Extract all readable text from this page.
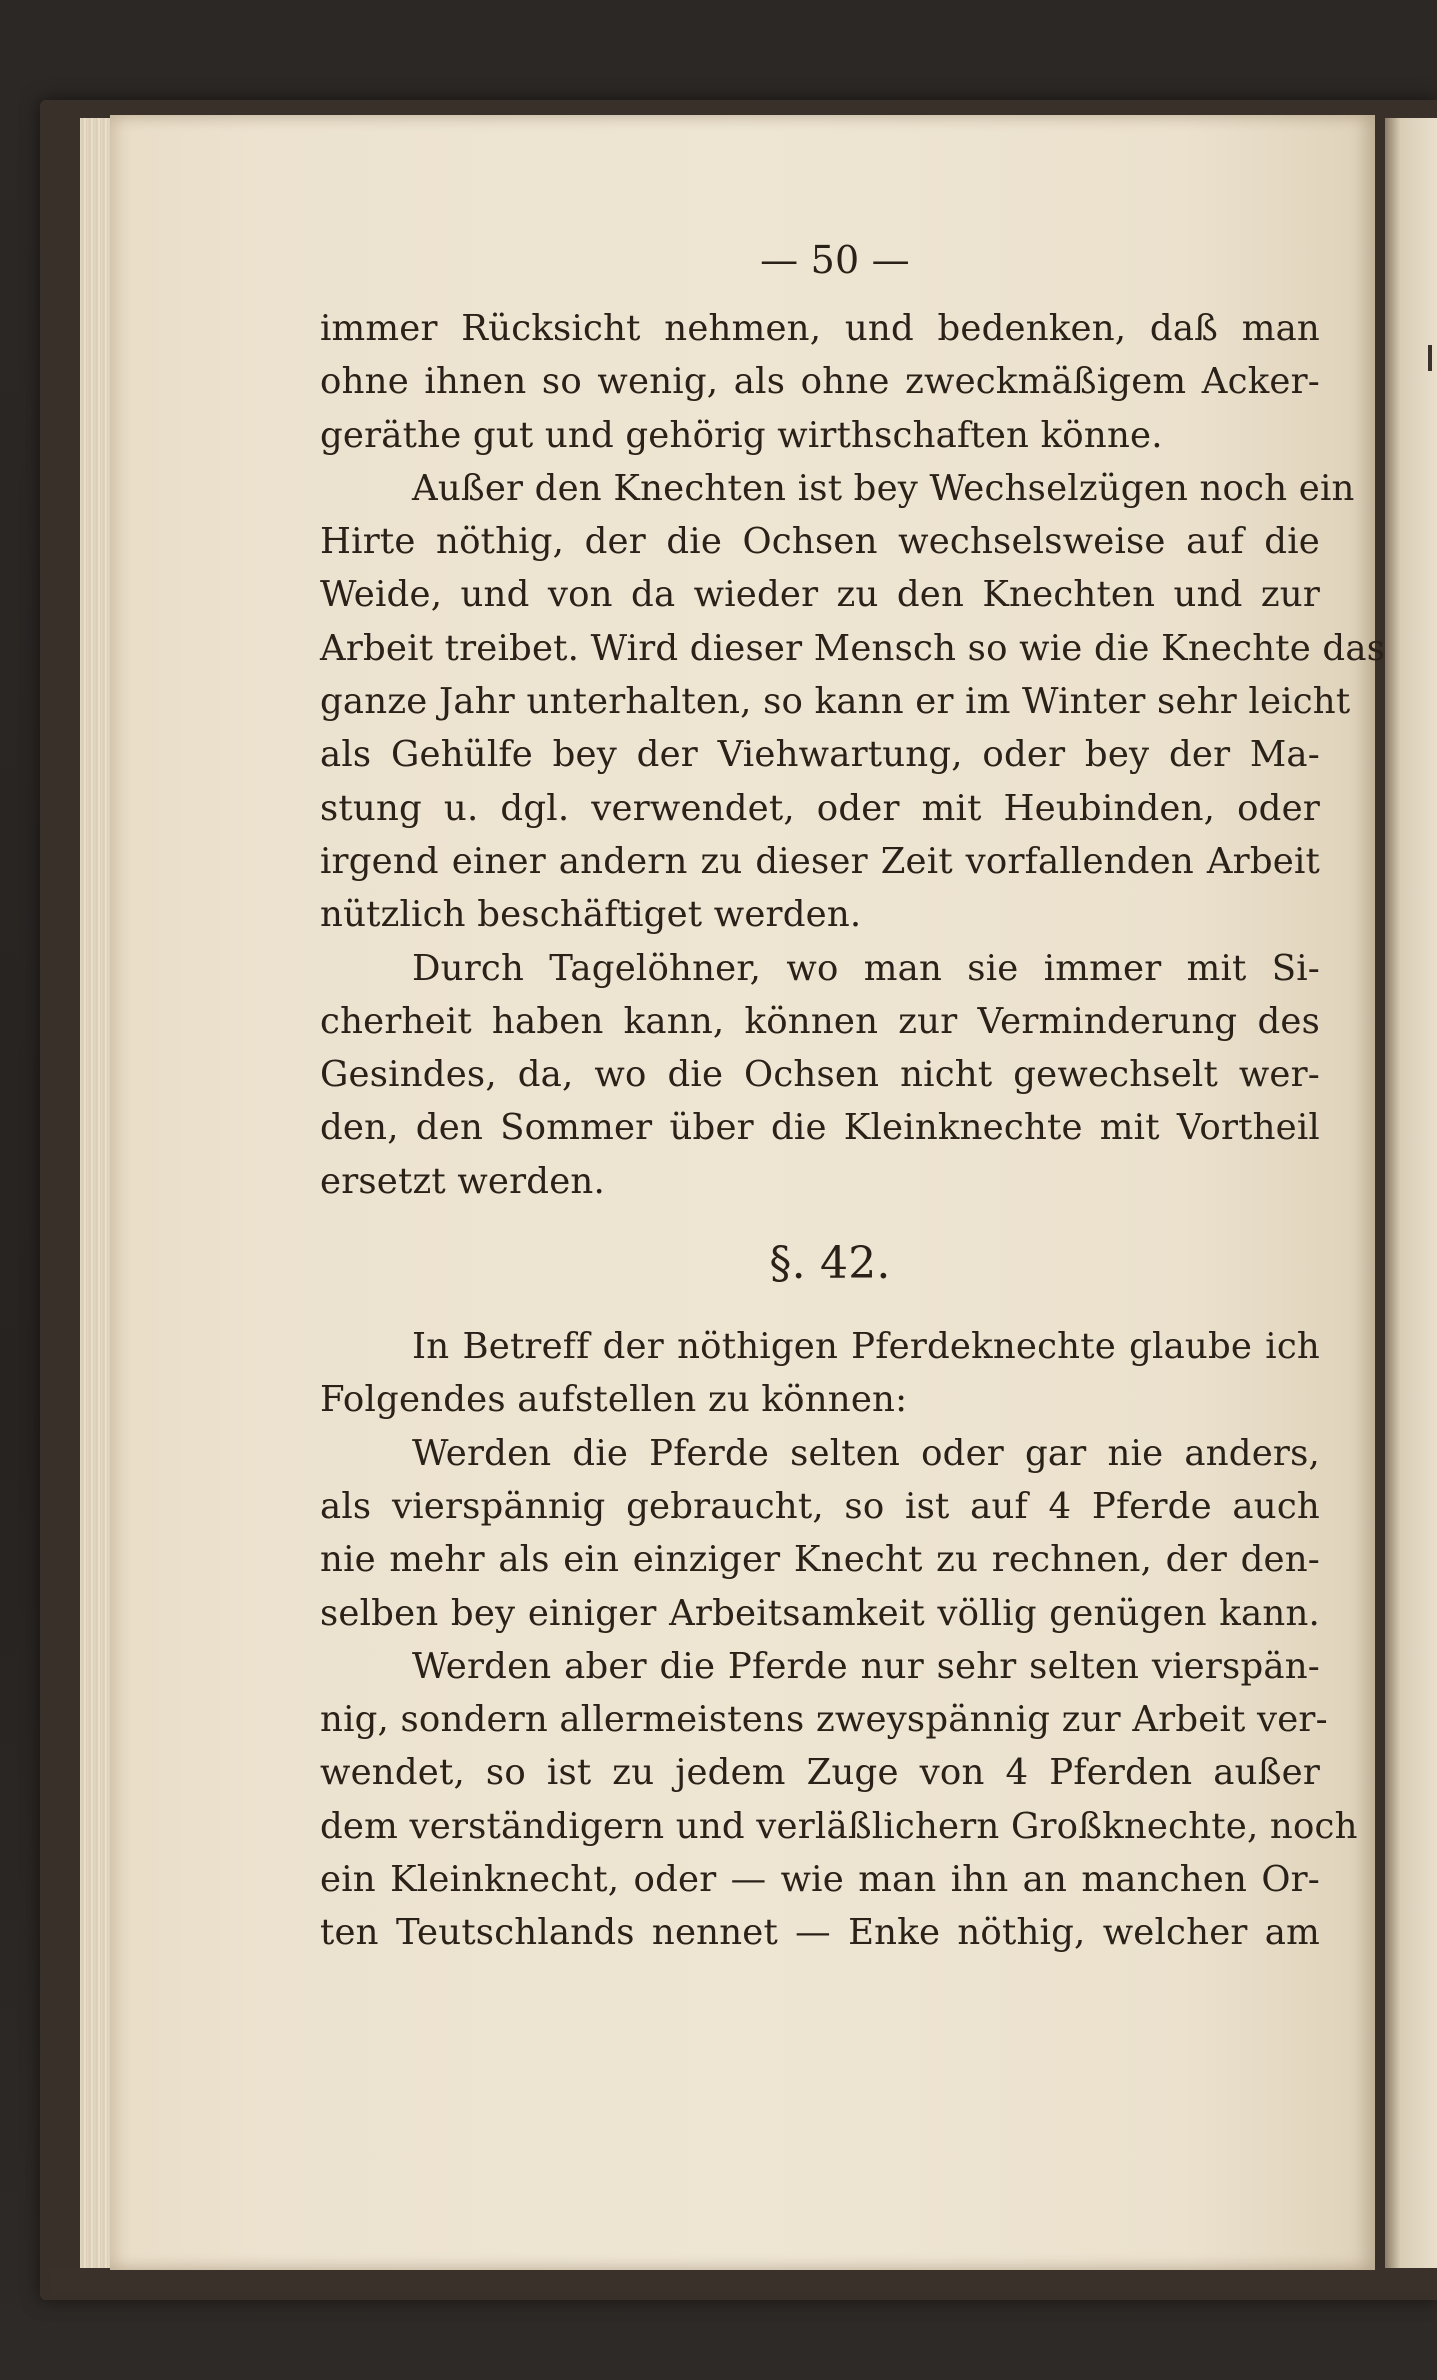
— 50 —
immer Rücksicht nehmen, und bedenken, daß man
ohne ihnen so wenig, als ohne zweckmäßigem Acker-
geräthe gut und gehörig wirthschaften könne.
Außer den Knechten ist bey Wechselzügen noch ein
Hirte nöthig, der die Ochsen wechselsweise auf die
Weide, und von da wieder zu den Knechten und zur
Arbeit treibet. Wird dieser Mensch so wie die Knechte das
ganze Jahr unterhalten, so kann er im Winter sehr leicht
als Gehülfe bey der Viehwartung, oder bey der Ma-
stung u. dgl. verwendet, oder mit Heubinden, oder
irgend einer andern zu dieser Zeit vorfallenden Arbeit
nützlich beschäftiget werden.
Durch Tagelöhner, wo man sie immer mit Si-
cherheit haben kann, können zur Verminderung des
Gesindes, da, wo die Ochsen nicht gewechselt wer-
den, den Sommer über die Kleinknechte mit Vortheil
ersetzt werden.
§. 42.
In Betreff der nöthigen Pferdeknechte glaube ich
Folgendes aufstellen zu können:
Werden die Pferde selten oder gar nie anders,
als vierspännig gebraucht, so ist auf 4 Pferde auch
nie mehr als ein einziger Knecht zu rechnen, der den-
selben bey einiger Arbeitsamkeit völlig genügen kann.
Werden aber die Pferde nur sehr selten vierspän-
nig, sondern allermeistens zweyspännig zur Arbeit ver-
wendet, so ist zu jedem Zuge von 4 Pferden außer
dem verständigern und verläßlichern Großknechte, noch
ein Kleinknecht, oder — wie man ihn an manchen Or-
ten Teutschlands nennet — Enke nöthig, welcher am
